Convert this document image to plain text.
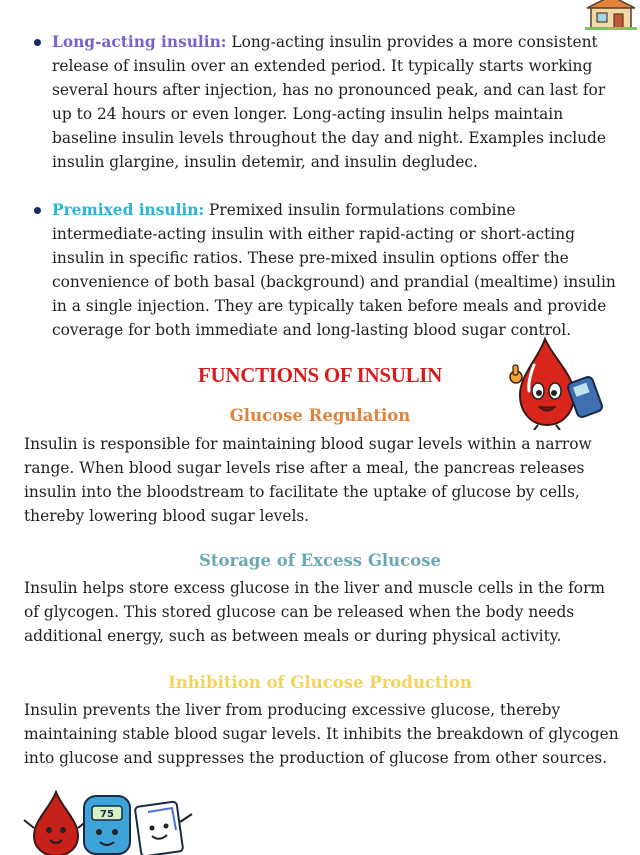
Long-acting insulin: Long-acting insulin provides a more consistent release of insulin over an extended period. It typically starts working several hours after injection, has no pronounced peak, and can last for up to 24 hours or even longer. Long-acting insulin helps maintain baseline insulin levels throughout the day and night. Examples include insulin glargine, insulin detemir, and insulin degludec.
Premixed insulin: Premixed insulin formulations combine intermediate-acting insulin with either rapid-acting or short-acting insulin in specific ratios. These pre-mixed insulin options offer the convenience of both basal (background) and prandial (mealtime) insulin in a single injection. They are typically taken before meals and provide coverage for both immediate and long-lasting blood sugar control.
FUNCTIONS OF INSULIN
Glucose Regulation
Insulin is responsible for maintaining blood sugar levels within a narrow range. When blood sugar levels rise after a meal, the pancreas releases insulin into the bloodstream to facilitate the uptake of glucose by cells, thereby lowering blood sugar levels.
Storage of Excess Glucose
Insulin helps store excess glucose in the liver and muscle cells in the form of glycogen. This stored glucose can be released when the body needs additional energy, such as between meals or during physical activity.
Inhibition of Glucose Production
Insulin prevents the liver from producing excessive glucose, thereby maintaining stable blood sugar levels. It inhibits the breakdown of glycogen into glucose and suppresses the production of glucose from other sources.
75
